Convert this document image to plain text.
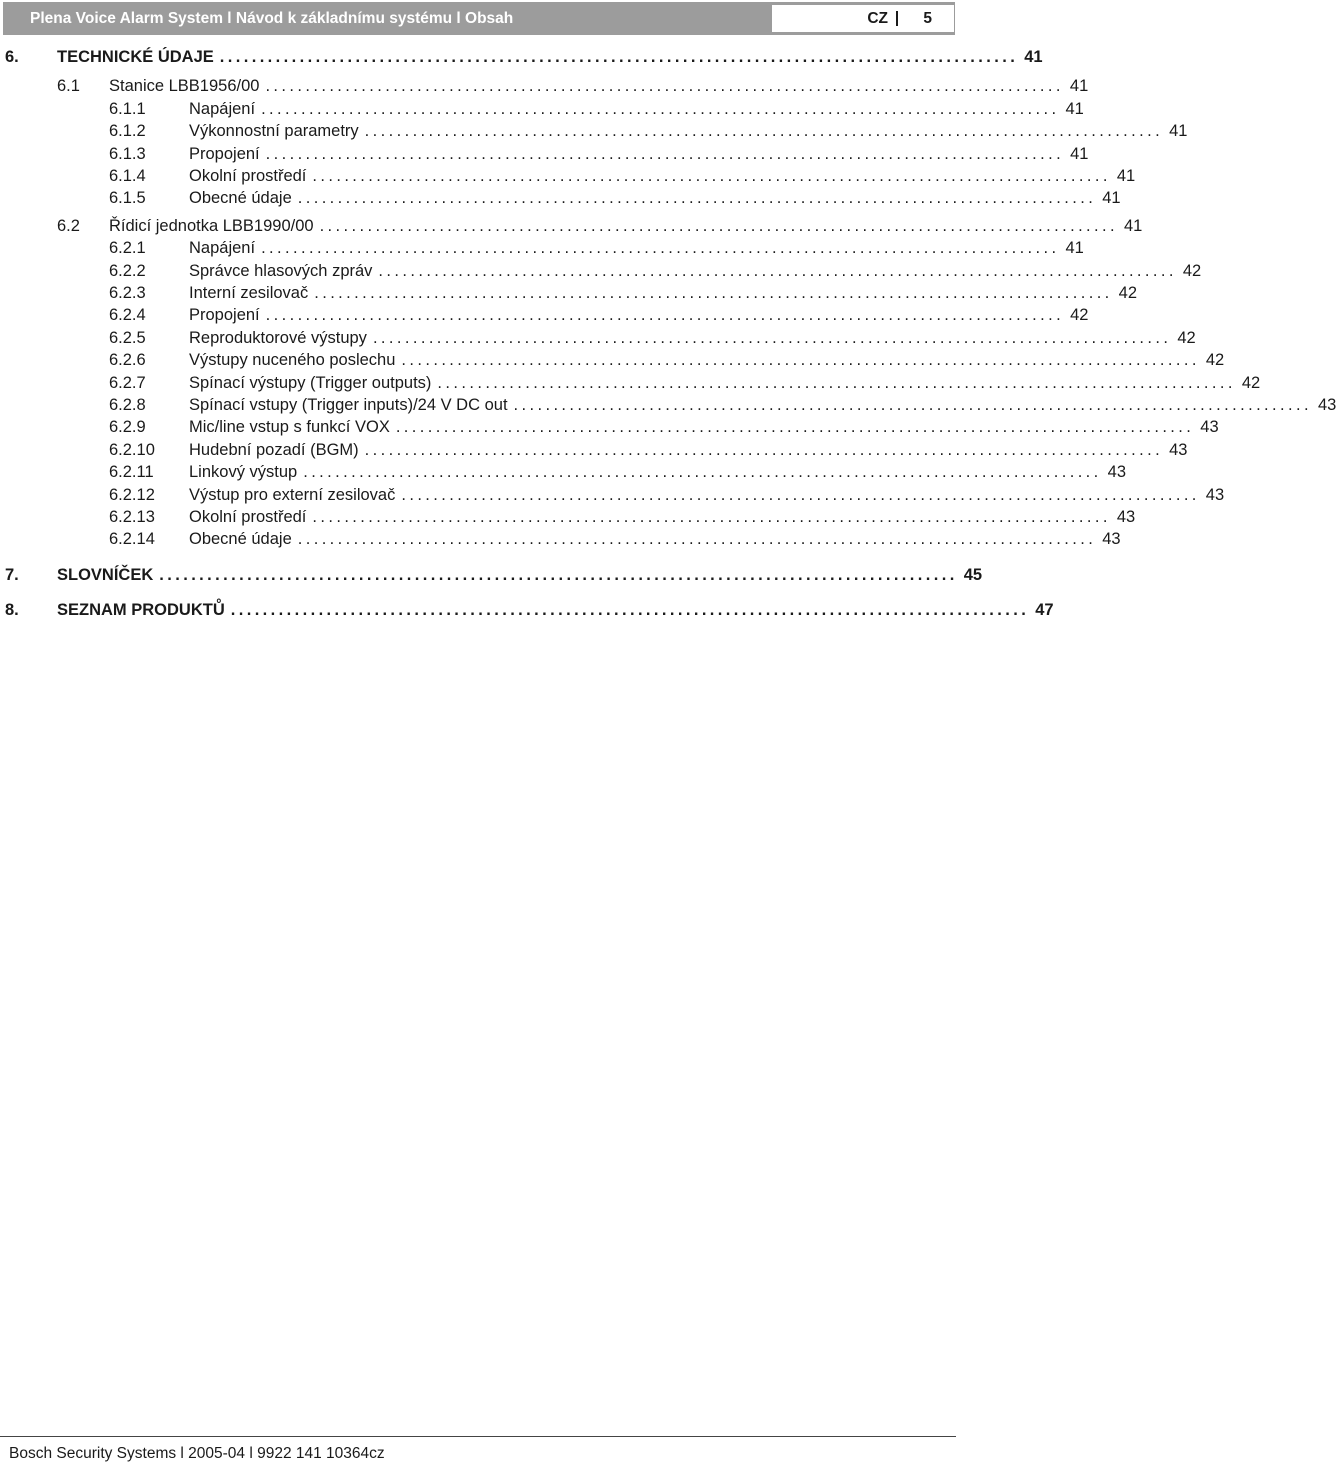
Plena Voice Alarm System l Návod k základnímu systému l Obsah	CZ 5
6. TECHNICKÉ ÚDAJE .................................................................................................... 41
6.1 Stanice LBB1956/00 .................................................................................................... 41
6.1.1	Napájení .................................................................................................... 41
6.1.2	Výkonnostní parametry .................................................................................................... 41
6.1.3	Propojení .................................................................................................... 41
6.1.4	Okolní prostředí .................................................................................................... 41
6.1.5	Obecné údaje .................................................................................................... 41
6.2 Řídicí jednotka LBB1990/00 .................................................................................................... 41
6.2.1	Napájení .................................................................................................... 41
6.2.2	Správce hlasových zpráv .................................................................................................... 42
6.2.3	Interní zesilovač .................................................................................................... 42
6.2.4	Propojení .................................................................................................... 42
6.2.5	Reproduktorové výstupy .................................................................................................... 42
6.2.6	Výstupy nuceného poslechu .................................................................................................... 42
6.2.7	Spínací výstupy (Trigger outputs) .................................................................................................... 42
6.2.8	Spínací vstupy (Trigger inputs)/24 V DC out .................................................................................................... 43
6.2.9	Mic/line vstup s funkcí VOX .................................................................................................... 43
6.2.10 Hudební pozadí (BGM) .................................................................................................... 43
6.2.11 Linkový výstup .................................................................................................... 43
6.2.12 Výstup pro externí zesilovač .................................................................................................... 43
6.2.13 Okolní prostředí .................................................................................................... 43
6.2.14 Obecné údaje .................................................................................................... 43
7. SLOVNÍČEK .................................................................................................... 45
8. SEZNAM PRODUKTŮ .................................................................................................... 47
Bosch Security Systems l 2005-04 l 9922 141 10364cz
